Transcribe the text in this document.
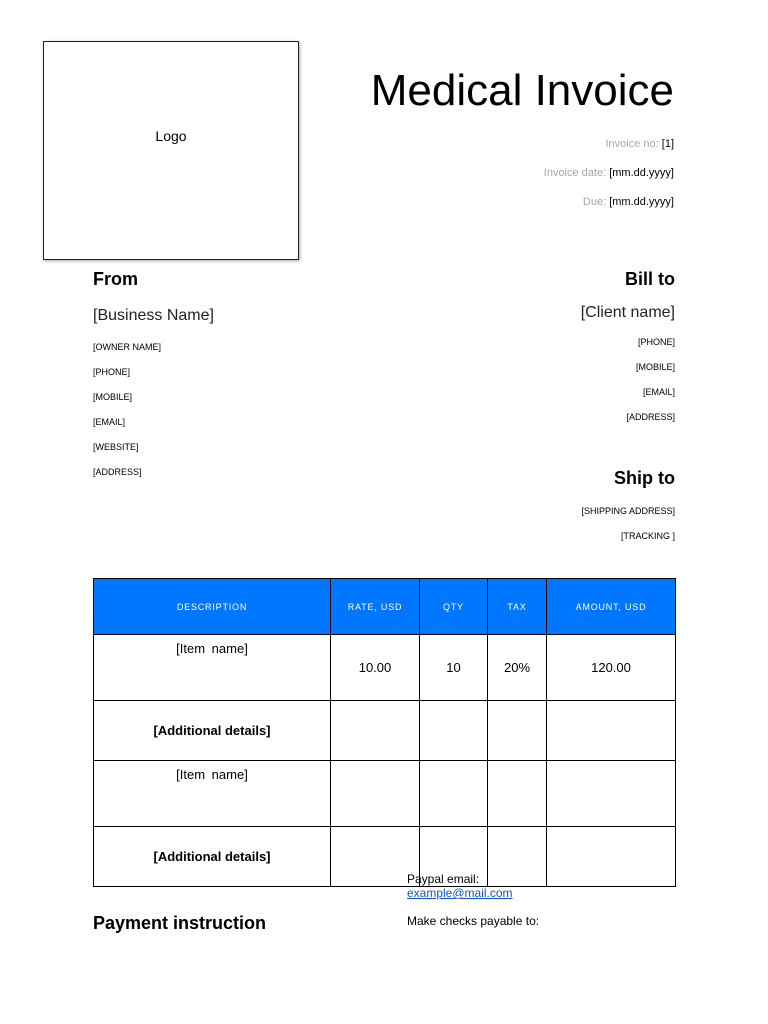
Logo
Medical Invoice
Invoice no: [1]
Invoice date: [mm.dd.yyyy]
Due: [mm.dd.yyyy]
From
[Business Name]
[OWNER NAME]
[PHONE]
[MOBILE]
[EMAIL]
[WEBSITE]
[ADDRESS]
Bill to
[Client name]
[PHONE]
[MOBILE]
[EMAIL]
[ADDRESS]
Ship to
[SHIPPING ADDRESS]
[TRACKING ]
DESCRIPTION	RATE, USD	QTY	TAX	AMOUNT, USD
[Item name]	10.00	10	20%	120.00
[Additional details]				
[Item name]				
[Additional details]				
Paypal email:
example@mail.com
Payment instruction	Make checks payable to:
